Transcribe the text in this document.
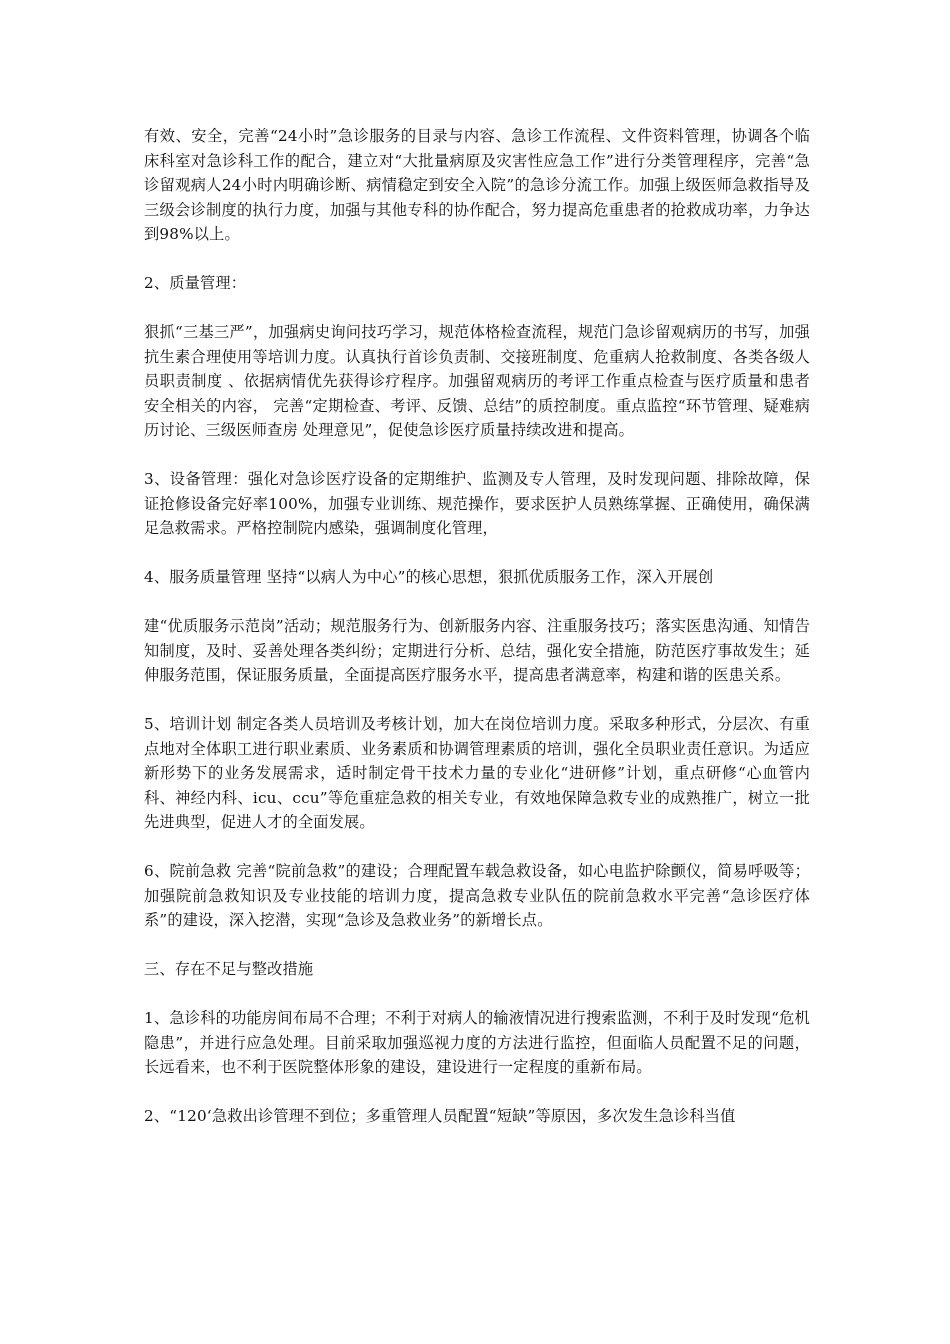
有效、安全，完善“24小时”急诊服务的目录与内容、急诊工作流程、文件资料管理，协调各个临床科室对急诊科工作的配合，建立对“大批量病原及灾害性应急工作”进行分类管理程序，完善“急诊留观病人24小时内明确诊断、病情稳定到安全入院”的急诊分流工作。加强上级医师急救指导及三级会诊制度的执行力度，加强与其他专科的协作配合，努力提高危重患者的抢救成功率，力争达到98%以上。

2、质量管理：

狠抓“三基三严”，加强病史询问技巧学习，规范体格检查流程，规范门急诊留观病历的书写，加强抗生素合理使用等培训力度。认真执行首诊负责制、交接班制度、危重病人抢救制度、各类各级人员职责制度 、依据病情优先获得诊疗程序。加强留观病历的考评工作重点检查与医疗质量和患者安全相关的内容， 完善“定期检查、考评、反馈、总结”的质控制度。重点监控“环节管理、疑难病历讨论、三级医师查房 处理意见”，促使急诊医疗质量持续改进和提高。

3、设备管理：强化对急诊医疗设备的定期维护、监测及专人管理，及时发现问题、排除故障，保证抢修设备完好率100%，加强专业训练、规范操作，要求医护人员熟练掌握、正确使用，确保满足急救需求。严格控制院内感染，强调制度化管理，

4、服务质量管理 坚持“以病人为中心”的核心思想，狠抓优质服务工作，深入开展创

建“优质服务示范岗”活动；规范服务行为、创新服务内容、注重服务技巧；落实医患沟通、知情告知制度，及时、妥善处理各类纠纷；定期进行分析、总结，强化安全措施，防范医疗事故发生；延伸服务范围，保证服务质量，全面提高医疗服务水平，提高患者满意率，构建和谐的医患关系。

5、培训计划 制定各类人员培训及考核计划，加大在岗位培训力度。采取多种形式，分层次、有重点地对全体职工进行职业素质、业务素质和协调管理素质的培训，强化全员职业责任意识。为适应新形势下的业务发展需求，适时制定骨干技术力量的专业化“进研修”计划，重点研修“心血管内科、神经内科、icu、ccu”等危重症急救的相关专业，有效地保障急救专业的成熟推广，树立一批先进典型，促进人才的全面发展。

6、院前急救 完善“院前急救”的建设；合理配置车载急救设备，如心电监护除颤仪，简易呼吸等；加强院前急救知识及专业技能的培训力度，提高急救专业队伍的院前急救水平完善“急诊医疗体系”的建设，深入挖潜，实现“急诊及急救业务”的新增长点。

三、存在不足与整改措施

1、急诊科的功能房间布局不合理；不利于对病人的输液情况进行搜索监测，不利于及时发现“危机隐患”，并进行应急处理。目前采取加强巡视力度的方法进行监控，但面临人员配置不足的问题，长远看来，也不利于医院整体形象的建设，建设进行一定程度的重新布局。

2、“120‘急救出诊管理不到位；多重管理人员配置“短缺”等原因，多次发生急诊科当值
